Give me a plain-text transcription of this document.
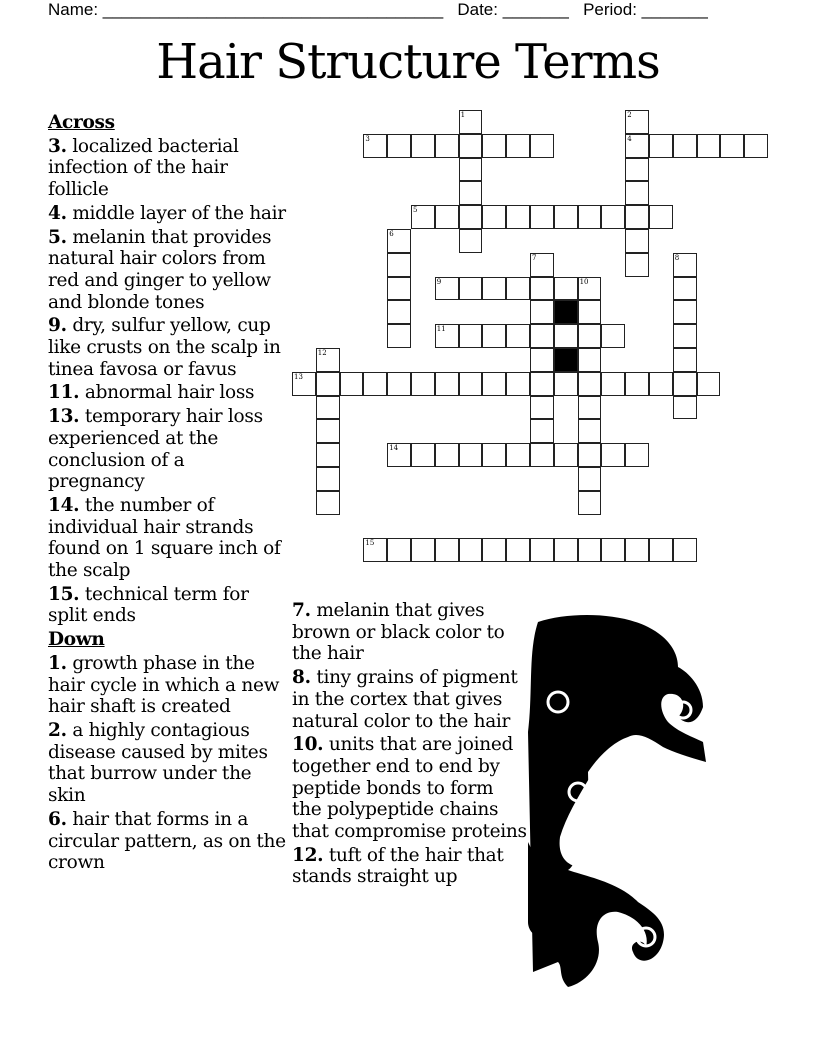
Name: ____________________________________ Date: _______ Period: _______
Hair Structure Terms
Across
3. localized bacterial infection of the hair follicle
4. middle layer of the hair
5. melanin that provides natural hair colors from red and ginger to yellow and blonde tones
9. dry, sulfur yellow, cup like crusts on the scalp in tinea favosa or favus
11. abnormal hair loss
13. temporary hair loss experienced at the conclusion of a pregnancy
14. the number of individual hair strands found on 1 square inch of the scalp
15. technical term for split ends
Down
1. growth phase in the hair cycle in which a new hair shaft is created
2. a highly contagious disease caused by mites that burrow under the skin
6. hair that forms in a circular pattern, as on the crown
7. melanin that gives brown or black color to the hair
8. tiny grains of pigment in the cortex that gives natural color to the hair
10. units that are joined together end to end by peptide bonds to form the polypeptide chains that compromise proteins
12. tuft of the hair that stands straight up
1	2
4
3
5
6
7	8
9	10
11
12
13
14
15
